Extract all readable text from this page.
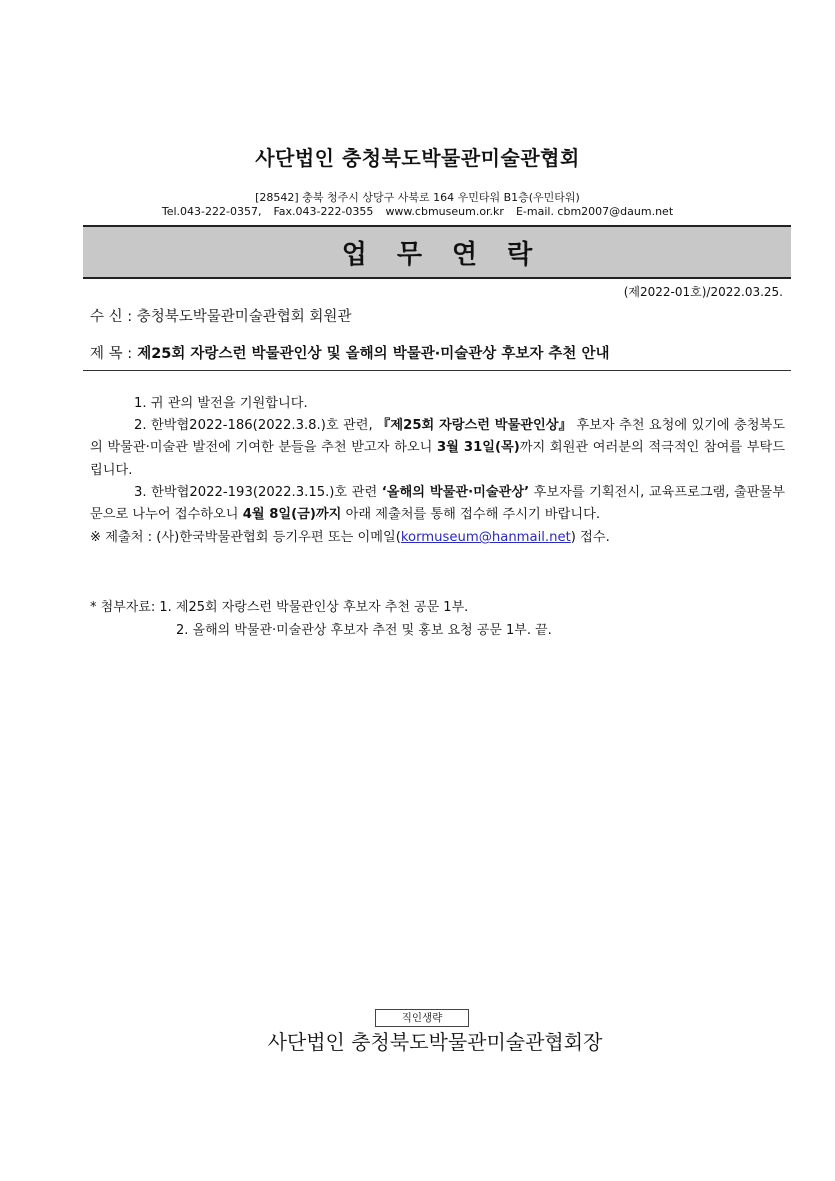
사단법인 충청북도박물관미술관협회
[28542] 충북 청주시 상당구 사북로 164 우민타워 B1층(우민타워)
Tel.043-222-0357, Fax.043-222-0355 www.cbmuseum.or.kr E-mail. cbm2007@daum.net
업무연락
(제2022-01호)/2022.03.25.
수 신 : 충청북도박물관미술관협회 회원관
제 목 : 제25회 자랑스런 박물관인상 및 올해의 박물관·미술관상 후보자 추천 안내
1. 귀 관의 발전을 기원합니다.
2. 한박협2022-186(2022.3.8.)호 관련, 『제25회 자랑스런 박물관인상』 후보자 추천 요청에 있기에 충청북도의 박물관·미술관 발전에 기여한 분들을 추천 받고자 하오니 3월 31일(목)까지 회원관 여러분의 적극적인 참여를 부탁드립니다.
3. 한박협2022-193(2022.3.15.)호 관련 ‘올해의 박물관·미술관상’ 후보자를 기획전시, 교육프로그램, 출판물부문으로 나누어 접수하오니 4월 8일(금)까지 아래 제출처를 통해 접수해 주시기 바랍니다.
※ 제출처 : (사)한국박물관협회 등기우편 또는 이메일(kormuseum@hanmail.net) 접수.
* 첨부자료: 1. 제25회 자랑스런 박물관인상 후보자 추천 공문 1부.
2. 올해의 박물관·미술관상 후보자 추전 및 홍보 요청 공문 1부. 끝.
직인생략
사단법인 충청북도박물관미술관협회장
